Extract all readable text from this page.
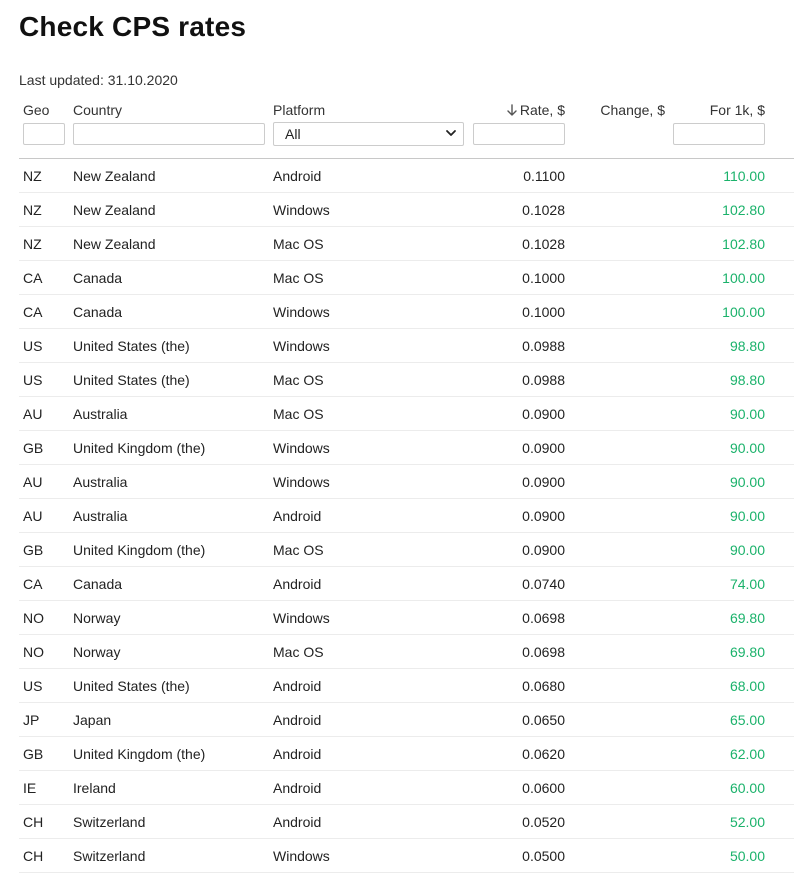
Check CPS rates
Last updated: 31.10.2020
Geo Country	Platform	Rate, $	Change, $	For 1k, $
All
NZ New Zealand	Android	0.1100	110.00
NZ New Zealand	Windows	0.1028	102.80
NZ New Zealand	Mac OS	0.1028	102.80
CA Canada	Mac OS	0.1000	100.00
CA Canada	Windows	0.1000	100.00
US United States (the)	Windows	0.0988	98.80
US United States (the)	Mac OS	0.0988	98.80
AU Australia	Mac OS	0.0900	90.00
GB United Kingdom (the)	Windows	0.0900	90.00
AU Australia	Windows	0.0900	90.00
AU Australia	Android	0.0900	90.00
GB United Kingdom (the)	Mac OS	0.0900	90.00
CA Canada	Android	0.0740	74.00
NO Norway	Windows	0.0698	69.80
NO Norway	Mac OS	0.0698	69.80
US United States (the)	Android	0.0680	68.00
JP Japan	Android	0.0650	65.00
GB United Kingdom (the)	Android	0.0620	62.00
IE	Ireland	Android	0.0600	60.00
CH Switzerland	Android	0.0520	52.00
CH Switzerland	Windows	0.0500	50.00
